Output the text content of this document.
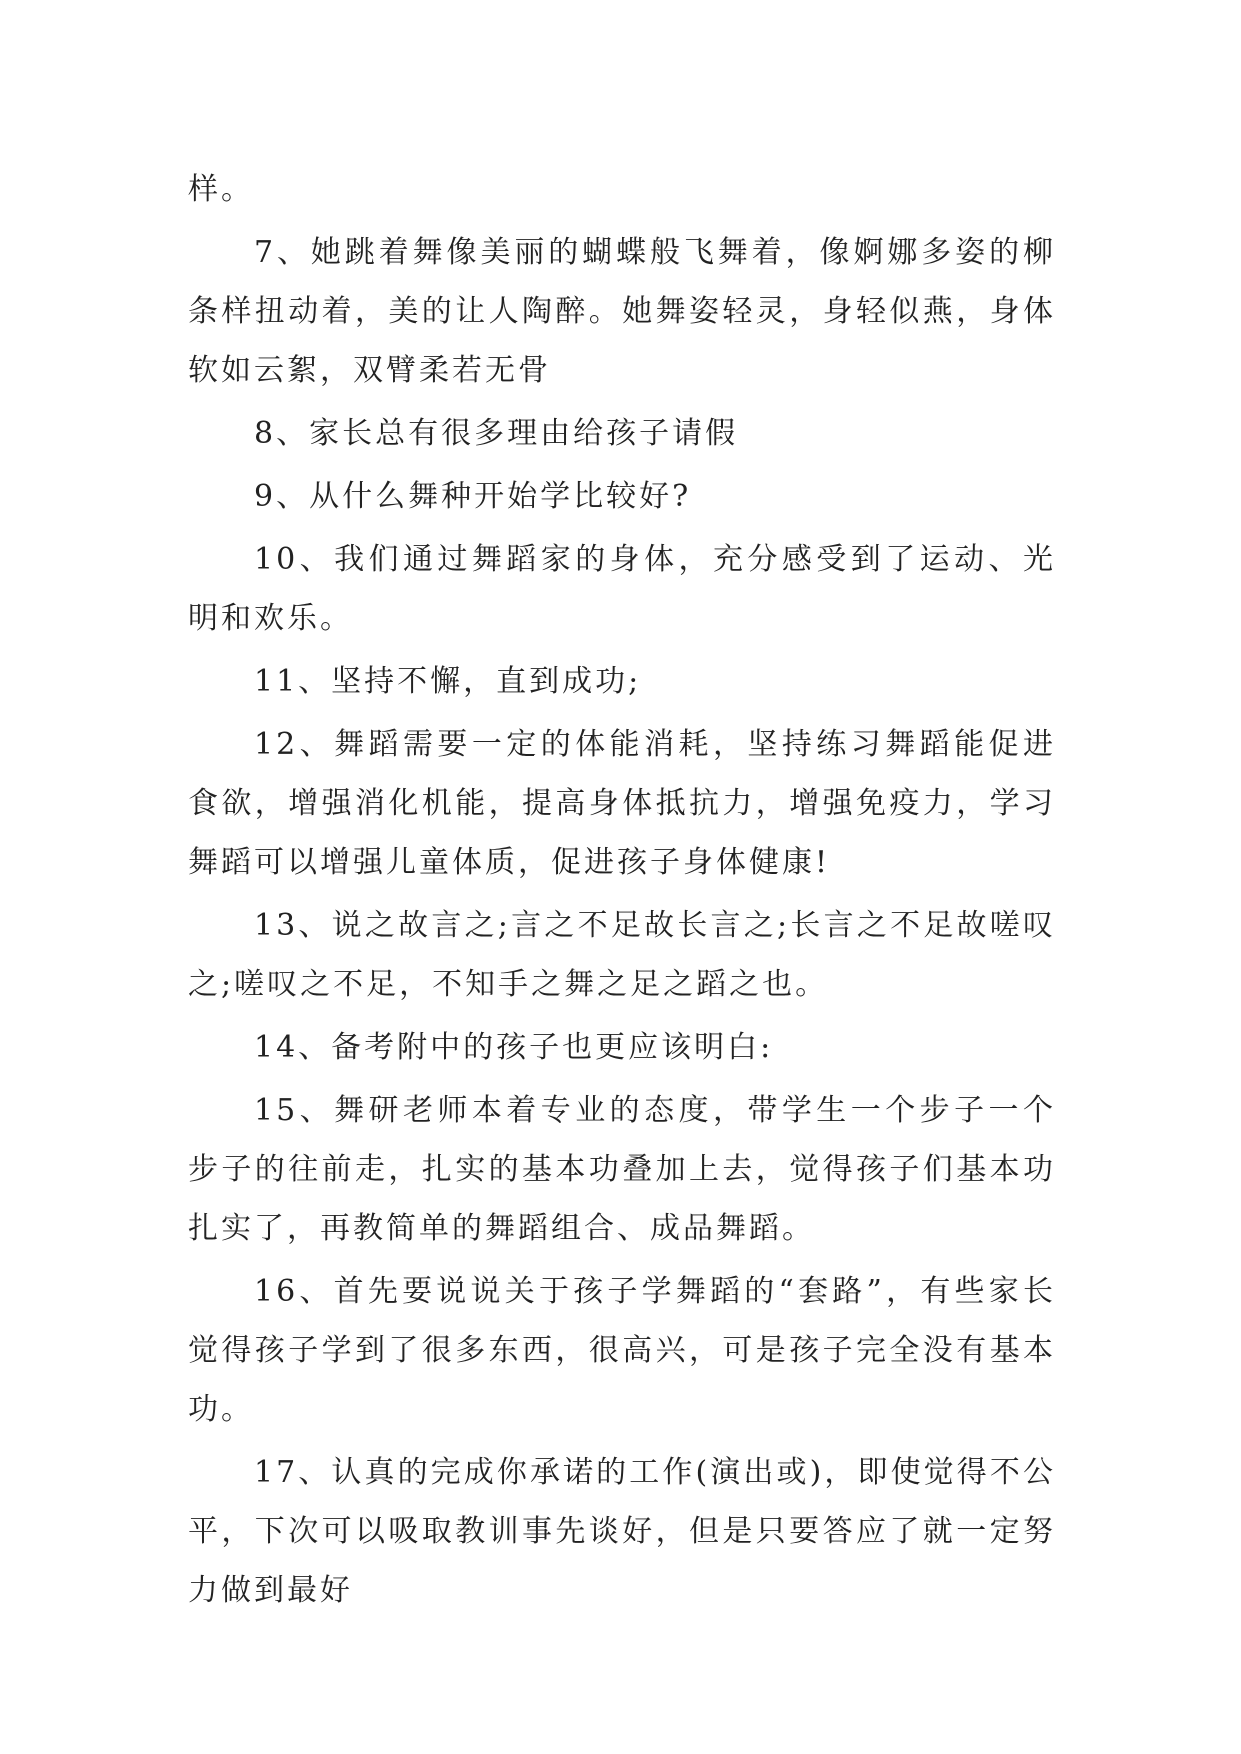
样。

7、她跳着舞像美丽的蝴蝶般飞舞着，像婀娜多姿的柳条样扭动着，美的让人陶醉。她舞姿轻灵，身轻似燕，身体软如云絮，双臂柔若无骨

8、家长总有很多理由给孩子请假

9、从什么舞种开始学比较好?

10、我们通过舞蹈家的身体，充分感受到了运动、光明和欢乐。

11、坚持不懈，直到成功;

12、舞蹈需要一定的体能消耗，坚持练习舞蹈能促进食欲，增强消化机能，提高身体抵抗力，增强免疫力，学习舞蹈可以增强儿童体质，促进孩子身体健康!

13、说之故言之;言之不足故长言之;长言之不足故嗟叹之;嗟叹之不足，不知手之舞之足之蹈之也。

14、备考附中的孩子也更应该明白:

15、舞研老师本着专业的态度，带学生一个步子一个步子的往前走，扎实的基本功叠加上去，觉得孩子们基本功扎实了，再教简单的舞蹈组合、成品舞蹈。

16、首先要说说关于孩子学舞蹈的“套路”，有些家长觉得孩子学到了很多东西，很高兴，可是孩子完全没有基本功。

17、认真的完成你承诺的工作(演出或)，即使觉得不公平，下次可以吸取教训事先谈好，但是只要答应了就一定努力做到最好
